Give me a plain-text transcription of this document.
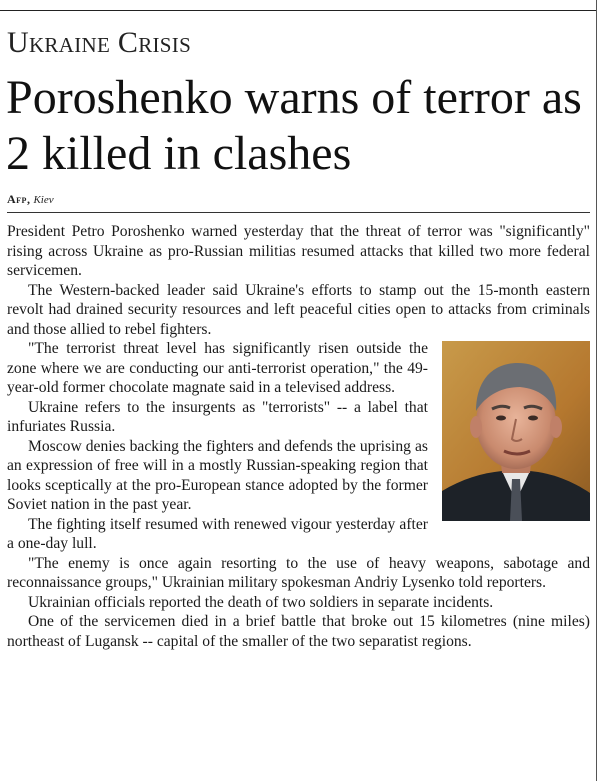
Ukraine Crisis
Poroshenko warns of terror as 2 killed in clashes
Afp, Kiev

President Petro Poroshenko warned yesterday that the threat of terror was "significantly" rising across Ukraine as pro-Russian militias resumed attacks that killed two more federal servicemen.

The Western-backed leader said Ukraine's efforts to stamp out the 15-month eastern revolt had drained security resources and left peaceful cities open to attacks from criminals and those allied to rebel fighters.

"The terrorist threat level has significantly risen outside the zone where we are conducting our anti-terrorist operation," the 49-year-old former chocolate magnate said in a televised address.

Ukraine refers to the insurgents as "terrorists" -- a label that infuriates Russia.

Moscow denies backing the fighters and defends the uprising as an expression of free will in a mostly Russian-speaking region that looks sceptically at the pro-European stance adopted by the former Soviet nation in the past year.

The fighting itself resumed with renewed vigour yesterday after a one-day lull.

"The enemy is once again resorting to the use of heavy weapons, sabotage and reconnaissance groups," Ukrainian military spokesman Andriy Lysenko told reporters.

Ukrainian officials reported the death of two soldiers in separate incidents.

One of the servicemen died in a brief battle that broke out 15 kilometres (nine miles) northeast of Lugansk -- capital of the smaller of the two separatist regions.
